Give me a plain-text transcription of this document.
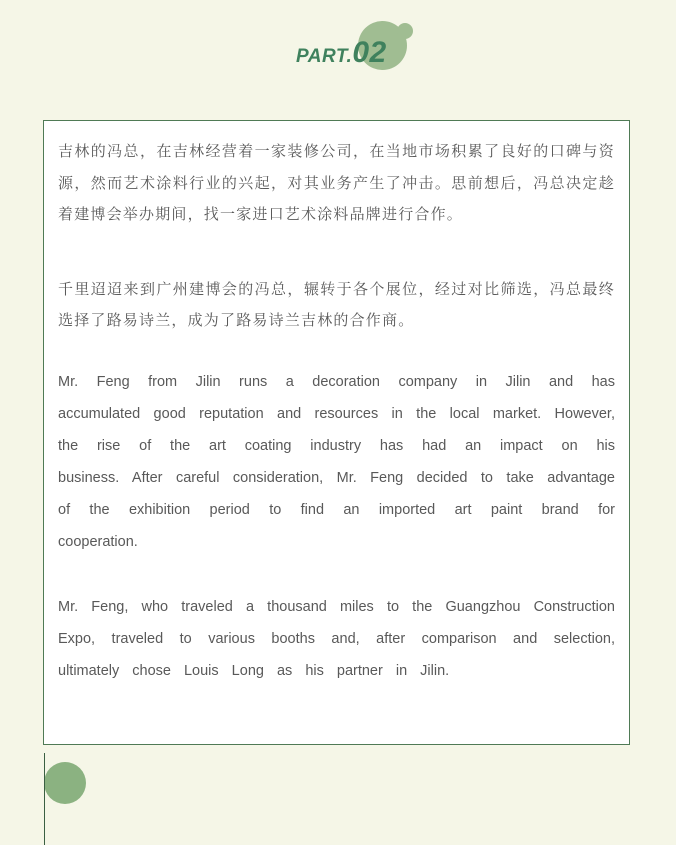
PART.02

吉林的冯总，在吉林经营着一家装修公司，在当地市场积累了良好的口碑与资源，然而艺术涂料行业的兴起，对其业务产生了冲击。思前想后，冯总决定趁着建博会举办期间，找一家进口艺术涂料品牌进行合作。

千里迢迢来到广州建博会的冯总，辗转于各个展位，经过对比筛选，冯总最终选择了路易诗兰，成为了路易诗兰吉林的合作商。

Mr. Feng from Jilin runs a decoration company in Jilin and has accumulated good reputation and resources in the local market. However, the rise of the art coating industry has had an impact on his business. After careful consideration, Mr. Feng decided to take advantage of the exhibition period to find an imported art paint brand for cooperation.

Mr. Feng, who traveled a thousand miles to the Guangzhou Construction Expo, traveled to various booths and, after comparison and selection, ultimately chose Louis Long as his partner in Jilin.
